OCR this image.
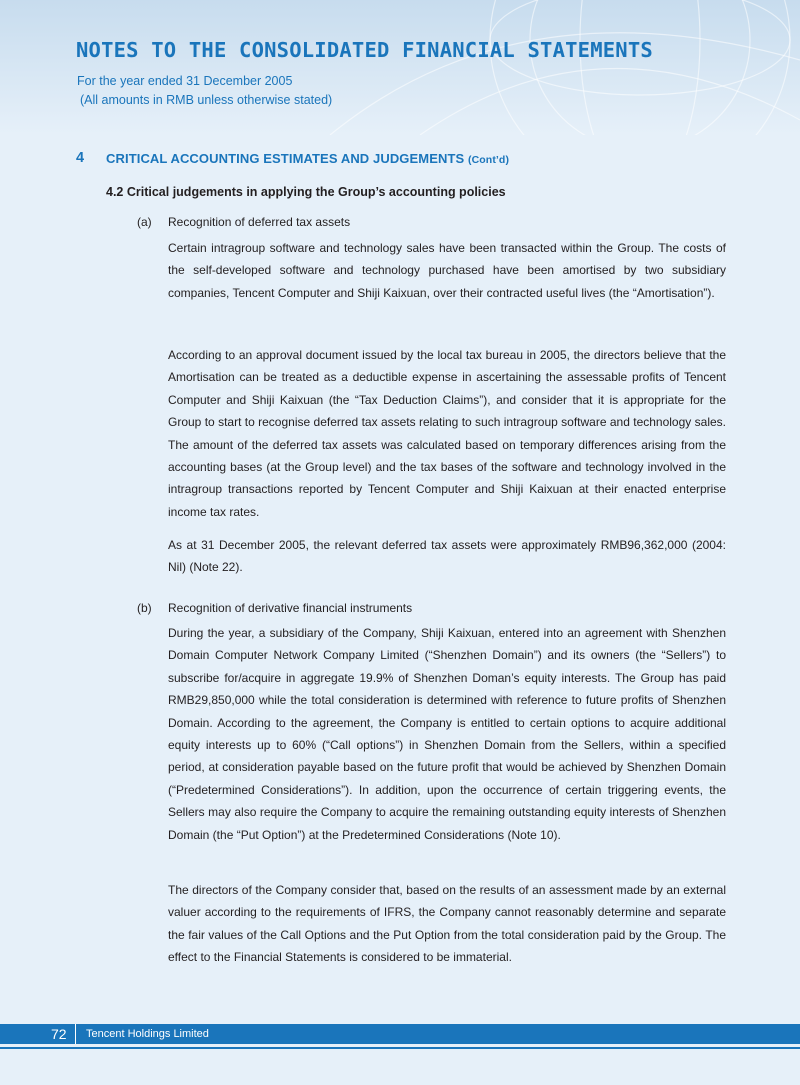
NOTES TO THE CONSOLIDATED FINANCIAL STATEMENTS
For the year ended 31 December 2005
(All amounts in RMB unless otherwise stated)
4 CRITICAL ACCOUNTING ESTIMATES AND JUDGEMENTS (Cont’d)
4.2 Critical judgements in applying the Group’s accounting policies
(a) Recognition of deferred tax assets

Certain intragroup software and technology sales have been transacted within the Group. The costs of the self-developed software and technology purchased have been amortised by two subsidiary companies, Tencent Computer and Shiji Kaixuan, over their contracted useful lives (the “Amortisation”).

According to an approval document issued by the local tax bureau in 2005, the directors believe that the Amortisation can be treated as a deductible expense in ascertaining the assessable profits of Tencent Computer and Shiji Kaixuan (the “Tax Deduction Claims”), and consider that it is appropriate for the Group to start to recognise deferred tax assets relating to such intragroup software and technology sales. The amount of the deferred tax assets was calculated based on temporary differences arising from the accounting bases (at the Group level) and the tax bases of the software and technology involved in the intragroup transactions reported by Tencent Computer and Shiji Kaixuan at their enacted enterprise income tax rates.

As at 31 December 2005, the relevant deferred tax assets were approximately RMB96,362,000 (2004: Nil) (Note 22).

(b) Recognition of derivative financial instruments

During the year, a subsidiary of the Company, Shiji Kaixuan, entered into an agreement with Shenzhen Domain Computer Network Company Limited (“Shenzhen Domain”) and its owners (the “Sellers”) to subscribe for/acquire in aggregate 19.9% of Shenzhen Doman’s equity interests. The Group has paid RMB29,850,000 while the total consideration is determined with reference to future profits of Shenzhen Domain. According to the agreement, the Company is entitled to certain options to acquire additional equity interests up to 60% (“Call options”) in Shenzhen Domain from the Sellers, within a specified period, at consideration payable based on the future profit that would be achieved by Shenzhen Domain (“Predetermined Considerations”). In addition, upon the occurrence of certain triggering events, the Sellers may also require the Company to acquire the remaining outstanding equity interests of Shenzhen Domain (the “Put Option”) at the Predetermined Considerations (Note 10).

The directors of the Company consider that, based on the results of an assessment made by an external valuer according to the requirements of IFRS, the Company cannot reasonably determine and separate the fair values of the Call Options and the Put Option from the total consideration paid by the Group. The effect to the Financial Statements is considered to be immaterial.

72 Tencent Holdings Limited
